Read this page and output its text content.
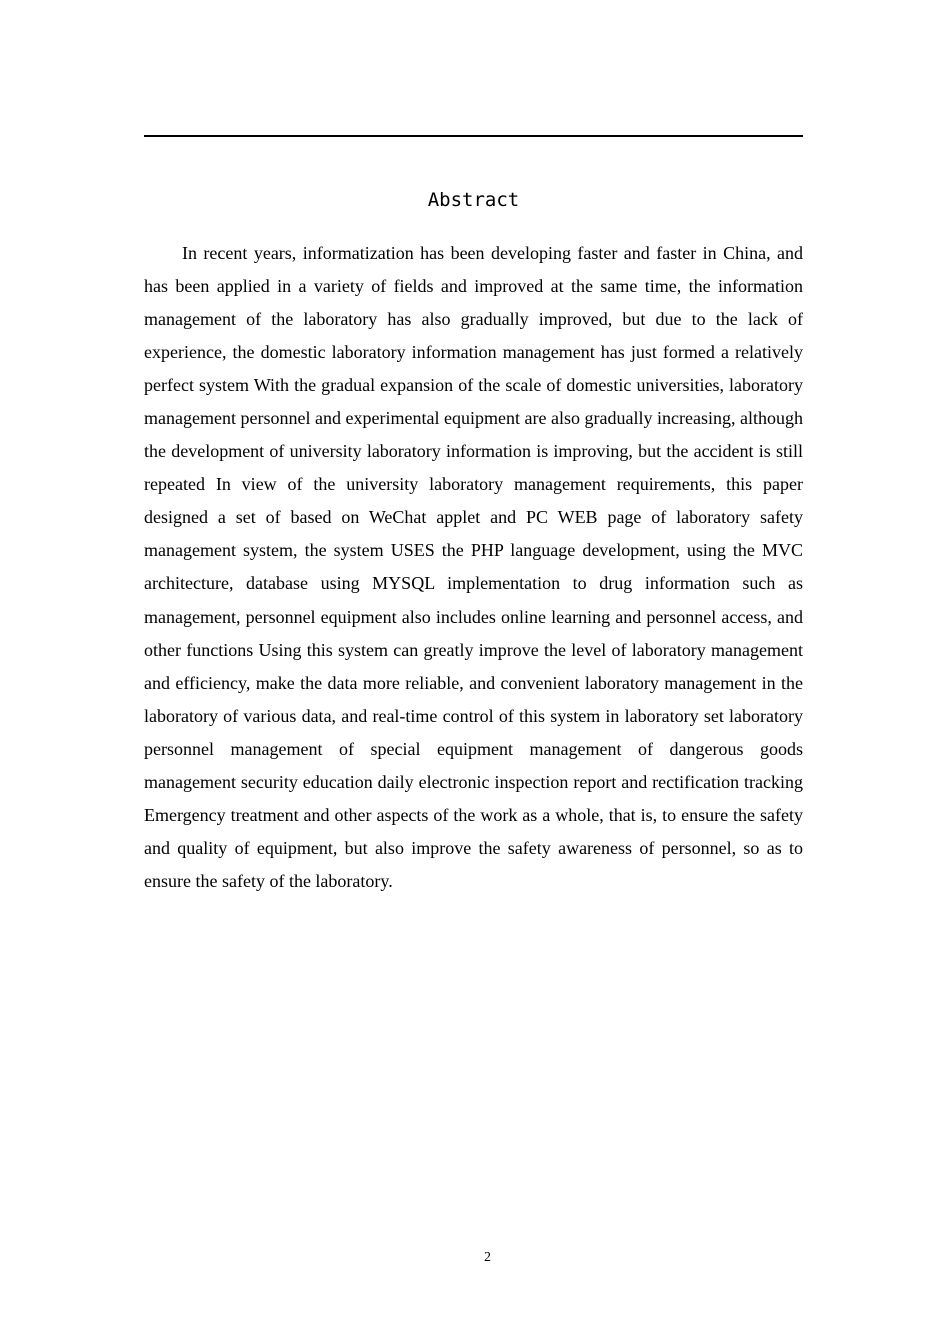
Abstract

In recent years, informatization has been developing faster and faster in China, and has been applied in a variety of fields and improved at the same time, the information management of the laboratory has also gradually improved, but due to the lack of experience, the domestic laboratory information management has just formed a relatively perfect system With the gradual expansion of the scale of domestic universities, laboratory management personnel and experimental equipment are also gradually increasing, although the development of university laboratory information is improving, but the accident is still repeated In view of the university laboratory management requirements, this paper designed a set of based on WeChat applet and PC WEB page of laboratory safety management system, the system USES the PHP language development, using the MVC architecture, database using MYSQL implementation to drug information such as management, personnel equipment also includes online learning and personnel access, and other functions Using this system can greatly improve the level of laboratory management and efficiency, make the data more reliable, and convenient laboratory management in the laboratory of various data, and real-time control of this system in laboratory set laboratory personnel management of special equipment management of dangerous goods management security education daily electronic inspection report and rectification tracking Emergency treatment and other aspects of the work as a whole, that is, to ensure the safety and quality of equipment, but also improve the safety awareness of personnel, so as to ensure the safety of the laboratory.

2
